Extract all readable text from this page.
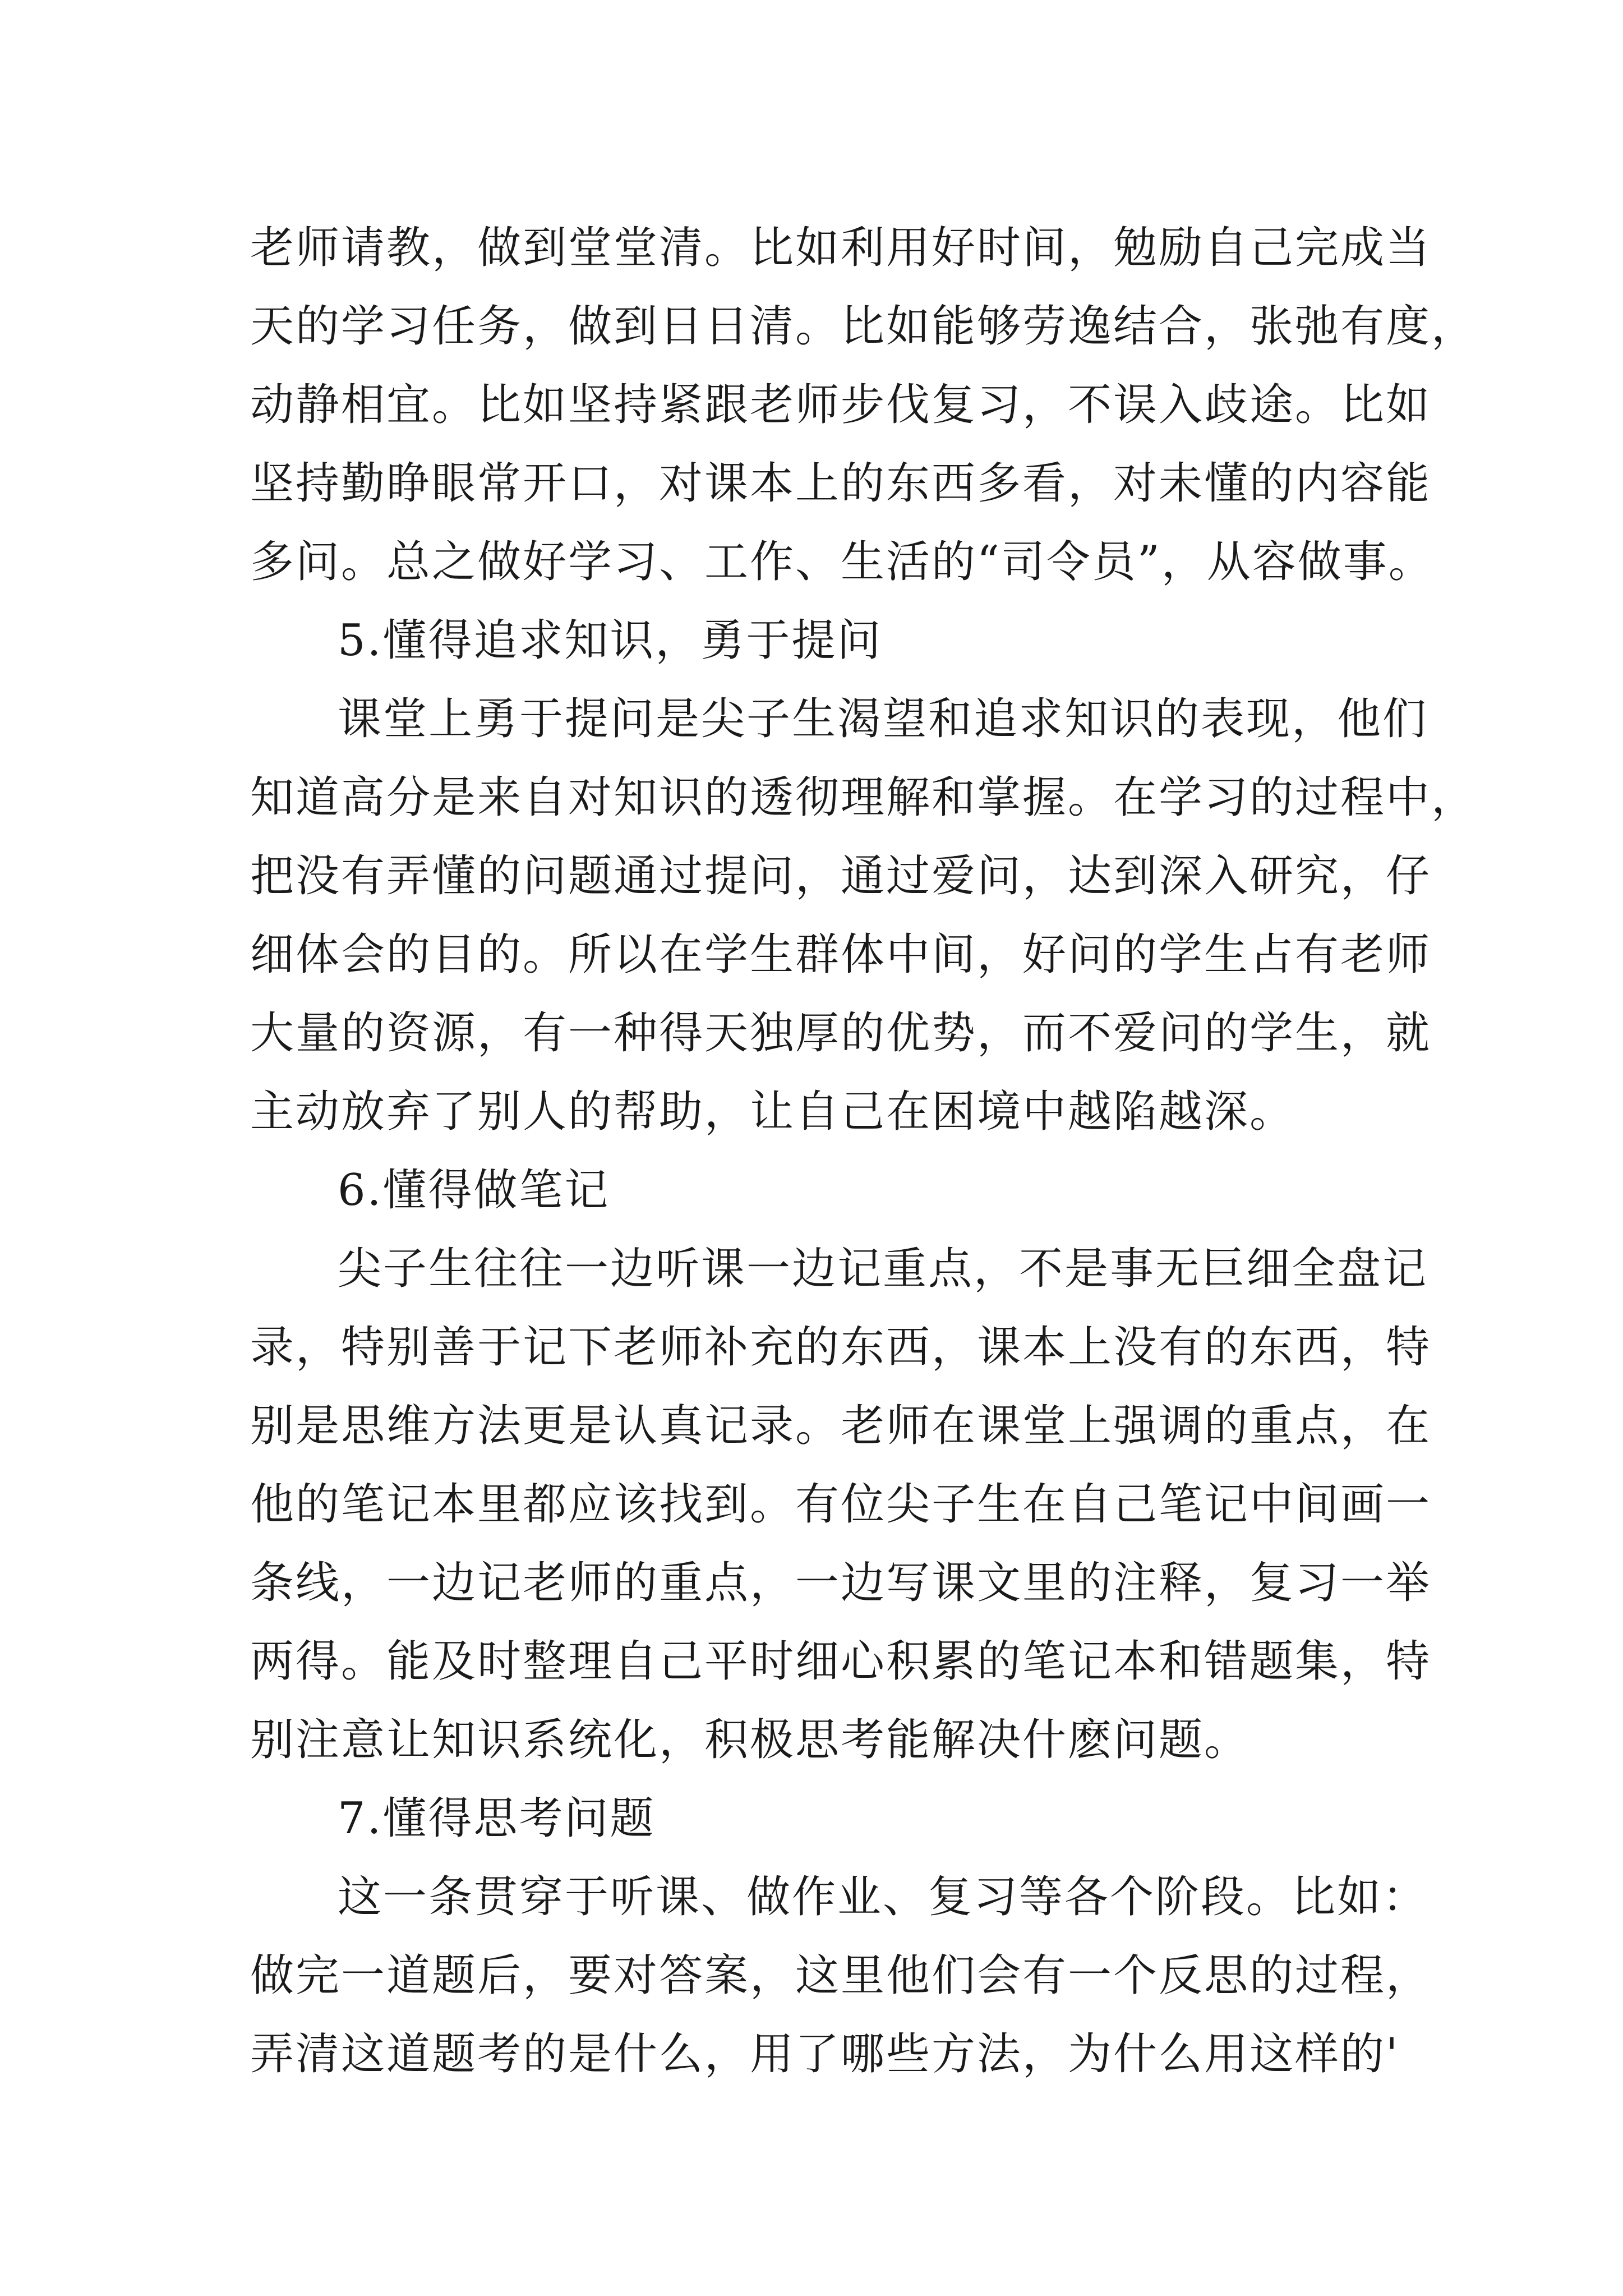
老师请教，做到堂堂清。比如利用好时间，勉励自己完成当
天的学习任务，做到日日清。比如能够劳逸结合，张弛有度，
动静相宜。比如坚持紧跟老师步伐复习，不误入歧途。比如
坚持勤睁眼常开口，对课本上的东西多看，对未懂的内容能
多问。总之做好学习、工作、生活的“司令员”，从容做事。
5.懂得追求知识，勇于提问
课堂上勇于提问是尖子生渴望和追求知识的表现，他们
知道高分是来自对知识的透彻理解和掌握。在学习的过程中，
把没有弄懂的问题通过提问，通过爱问，达到深入研究，仔
细体会的目的。所以在学生群体中间，好问的学生占有老师
大量的资源，有一种得天独厚的优势，而不爱问的学生，就
主动放弃了别人的帮助，让自己在困境中越陷越深。
6.懂得做笔记
尖子生往往一边听课一边记重点，不是事无巨细全盘记
录，特别善于记下老师补充的东西，课本上没有的东西，特
别是思维方法更是认真记录。老师在课堂上强调的重点，在
他的笔记本里都应该找到。有位尖子生在自己笔记中间画一
条线，一边记老师的重点，一边写课文里的注释，复习一举
两得。能及时整理自己平时细心积累的笔记本和错题集，特
别注意让知识系统化，积极思考能解决什麽问题。
7.懂得思考问题
这一条贯穿于听课、做作业、复习等各个阶段。比如：
做完一道题后，要对答案，这里他们会有一个反思的过程，
弄清这道题考的是什么，用了哪些方法，为什么用这样的'
